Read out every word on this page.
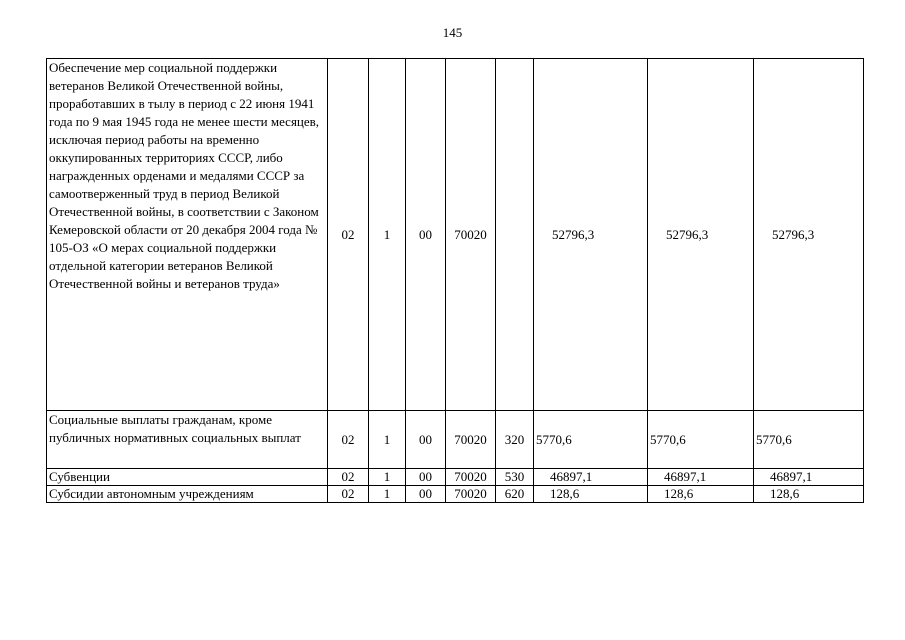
145
Обеспечение мер социальной поддержки ветеранов Великой Отечественной войны, проработавших в тылу в период с 22 июня 1941 года по 9 мая 1945 года не менее шести месяцев, исключая период работы на временно оккупированных территориях СССР, либо награжденных орденами и медалями СССР за самоотверженный труд в период Великой Отечественной войны, в соответствии с Законом Кемеровской области от 20 декабря 2004 года № 105-ОЗ «О мерах социальной поддержки отдельной категории ветеранов Великой Отечественной войны и ветеранов труда»	02	1	00	70020		52796,3	52796,3	52796,3
Социальные выплаты гражданам, кроме публичных нормативных социальных выплат	02	1	00	70020	320	5770,6	5770,6	5770,6
Субвенции	02	1	00	70020	530	46897,1	46897,1	46897,1
Субсидии автономным учреждениям	02	1	00	70020	620	128,6	128,6	128,6
